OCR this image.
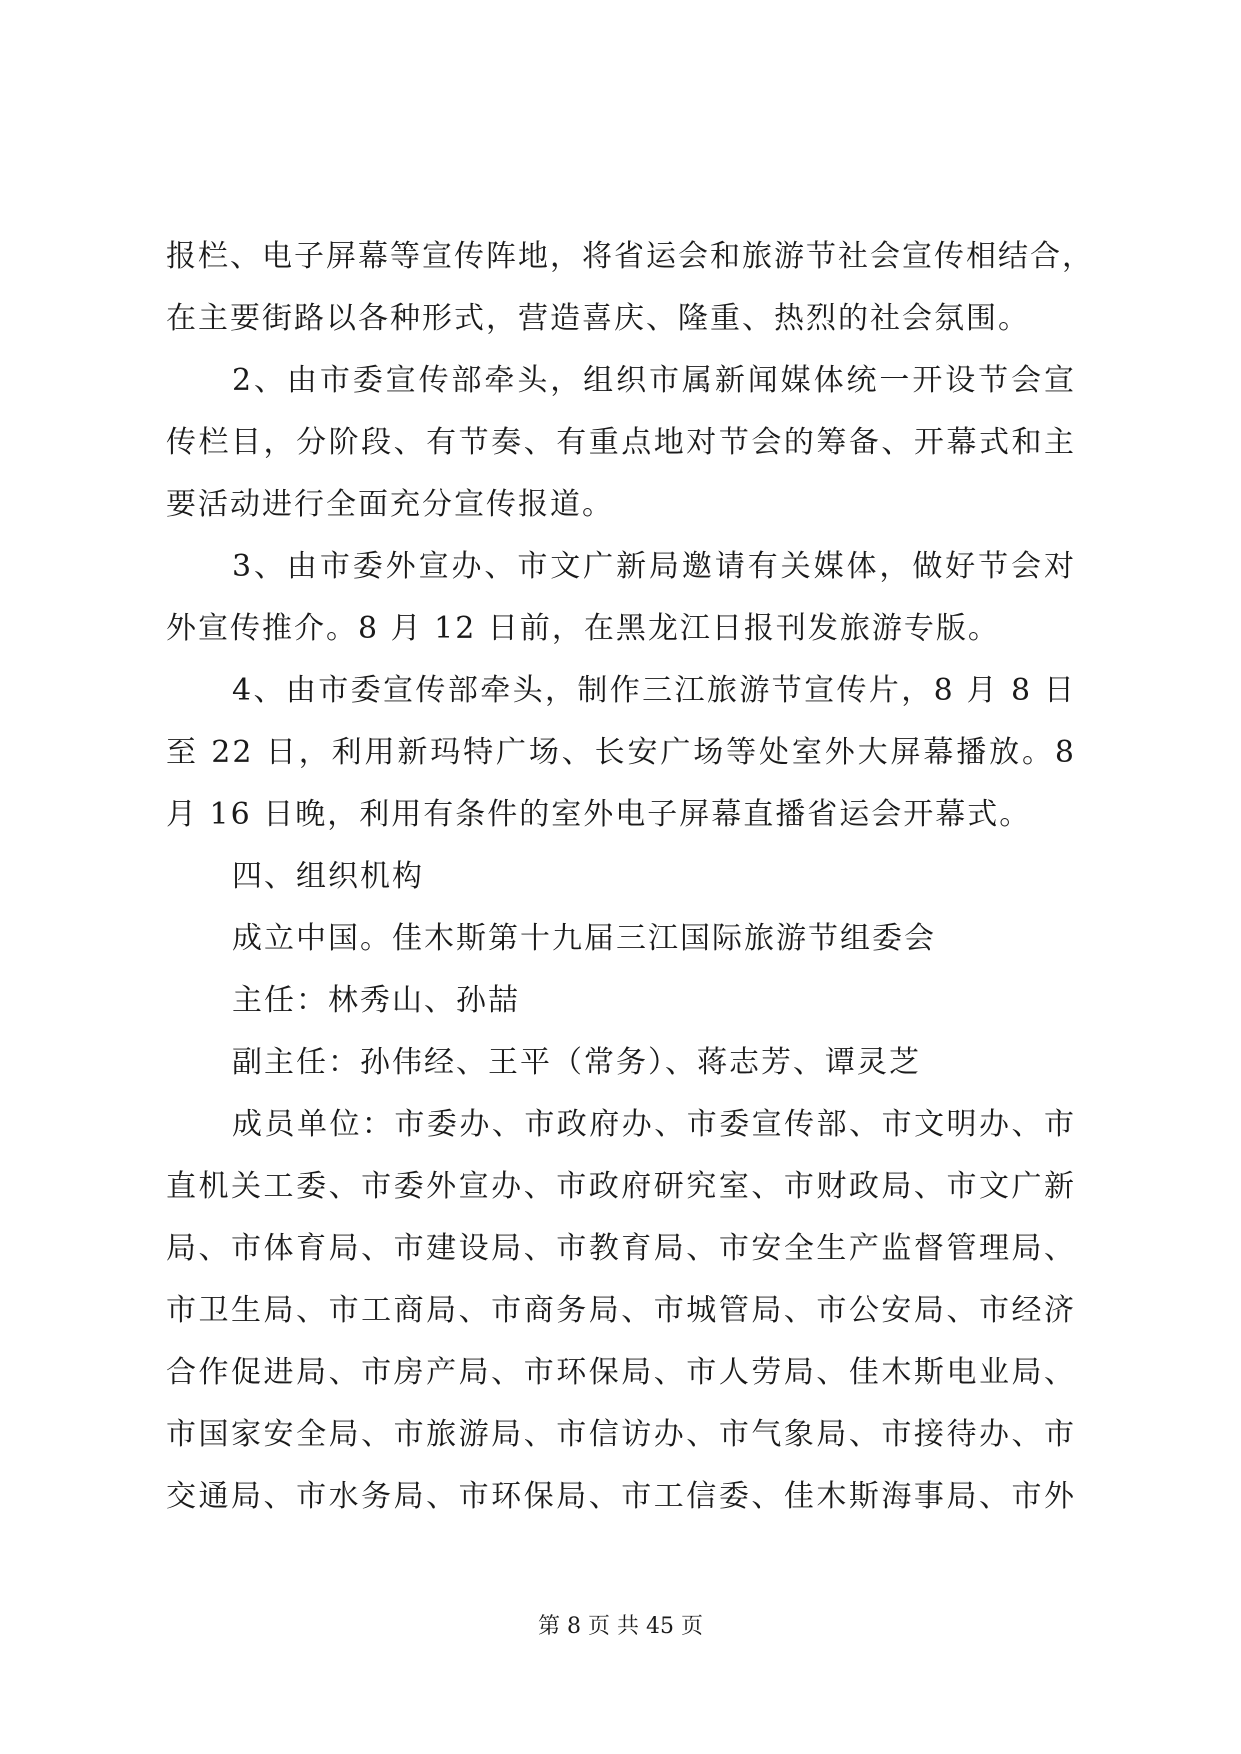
报栏、电子屏幕等宣传阵地，将省运会和旅游节社会宣传相结合，
在主要街路以各种形式，营造喜庆、隆重、热烈的社会氛围。
2、由市委宣传部牵头，组织市属新闻媒体统一开设节会宣
传栏目，分阶段、有节奏、有重点地对节会的筹备、开幕式和主
要活动进行全面充分宣传报道。
3、由市委外宣办、市文广新局邀请有关媒体，做好节会对
外宣传推介。8 月 12 日前，在黑龙江日报刊发旅游专版。
4、由市委宣传部牵头，制作三江旅游节宣传片，8 月 8 日
至 22 日，利用新玛特广场、长安广场等处室外大屏幕播放。8
月 16 日晚，利用有条件的室外电子屏幕直播省运会开幕式。
四、组织机构
成立中国。佳木斯第十九届三江国际旅游节组委会
主任：林秀山、孙喆
副主任：孙伟经、王平（常务）、蒋志芳、谭灵芝
成员单位：市委办、市政府办、市委宣传部、市文明办、市
直机关工委、市委外宣办、市政府研究室、市财政局、市文广新
局、市体育局、市建设局、市教育局、市安全生产监督管理局、
市卫生局、市工商局、市商务局、市城管局、市公安局、市经济
合作促进局、市房产局、市环保局、市人劳局、佳木斯电业局、
市国家安全局、市旅游局、市信访办、市气象局、市接待办、市
交通局、市水务局、市环保局、市工信委、佳木斯海事局、市外
第 8 页 共 45 页
